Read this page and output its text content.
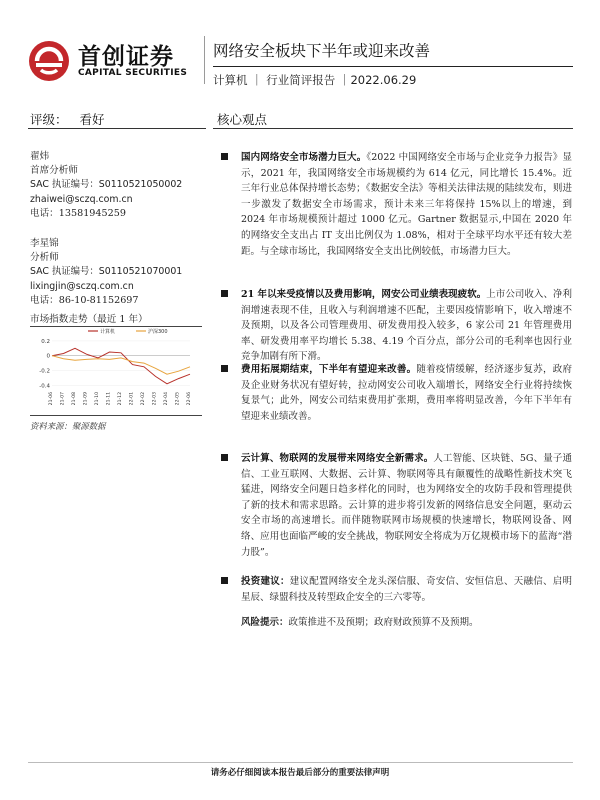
首创证券
CAPITAL SECURITIES
网络安全板块下半年或迎来改善
计算机 ｜ 行业简评报告 ｜2022.06.29
评级： 看好	核心观点
翟炜
首席分析师
SAC 执证编号：S0110521050002
zhaiwei@sczq.com.cn
电话：13581945259
李星锦
分析师
SAC 执证编号：S0110521070001
lixingjin@sczq.com.cn
电话：86-10-81152697
市场指数走势（最近 1 年）
0.2
0
-0.2
-0.4
21-06 21-07 21-08 21-09 21-10 21-11 21-12 22-01 22-02 22-03 22-04 22-05 22-06
计算机	沪深300
资料来源：聚源数据
国内网络安全市场潜力巨大。《2022 中国网络安全市场与企业竞争力报告》显示，2021 年，我国网络安全市场规模约为 614 亿元，同比增长 15.4%。近三年行业总体保持增长态势；《数据安全法》等相关法律法规的陆续发布，则进一步激发了数据安全市场需求，预计未来三年将保持 15%以上的增速，到 2024 年市场规模预计超过 1000 亿元。Gartner 数据显示,中国在 2020 年的网络安全支出占 IT 支出比例仅为 1.08%，相对于全球平均水平还有较大差距。与全球市场比，我国网络安全支出比例较低，市场潜力巨大。
21 年以来受疫情以及费用影响，网安公司业绩表现疲软。上市公司收入、净利润增速表现不佳，且收入与利润增速不匹配，主要因疫情影响下，收入增速不及预期，以及各公司管理费用、研发费用投入较多，6 家公司 21 年管理费用率、研发费用率平均增长 5.38、4.19 个百分点，部分公司的毛利率也因行业竞争加剧有所下滑。
费用拓展期结束，下半年有望迎来改善。随着疫情缓解，经济逐步复苏，政府及企业财务状况有望好转，拉动网安公司收入端增长，网络安全行业将持续恢复景气；此外，网安公司结束费用扩张期，费用率将明显改善，今年下半年有望迎来业绩改善。
云计算、物联网的发展带来网络安全新需求。人工智能、区块链、5G、量子通信、工业互联网、大数据、云计算、物联网等具有颠覆性的战略性新技术突飞猛进，网络安全问题日趋多样化的同时，也为网络安全的攻防手段和管理提供了新的技术和需求思路。云计算的进步将引发新的网络信息安全问题，驱动云安全市场的高速增长。而伴随物联网市场规模的快速增长，物联网设备、网络、应用也面临严峻的安全挑战，物联网安全将成为万亿规模市场下的蓝海“潜力股”。
投资建议：建议配置网络安全龙头深信服、奇安信、安恒信息、天融信、启明星辰、绿盟科技及转型政企安全的三六零等。
风险提示：政策推进不及预期；政府财政预算不及预期。
请务必仔细阅读本报告最后部分的重要法律声明
